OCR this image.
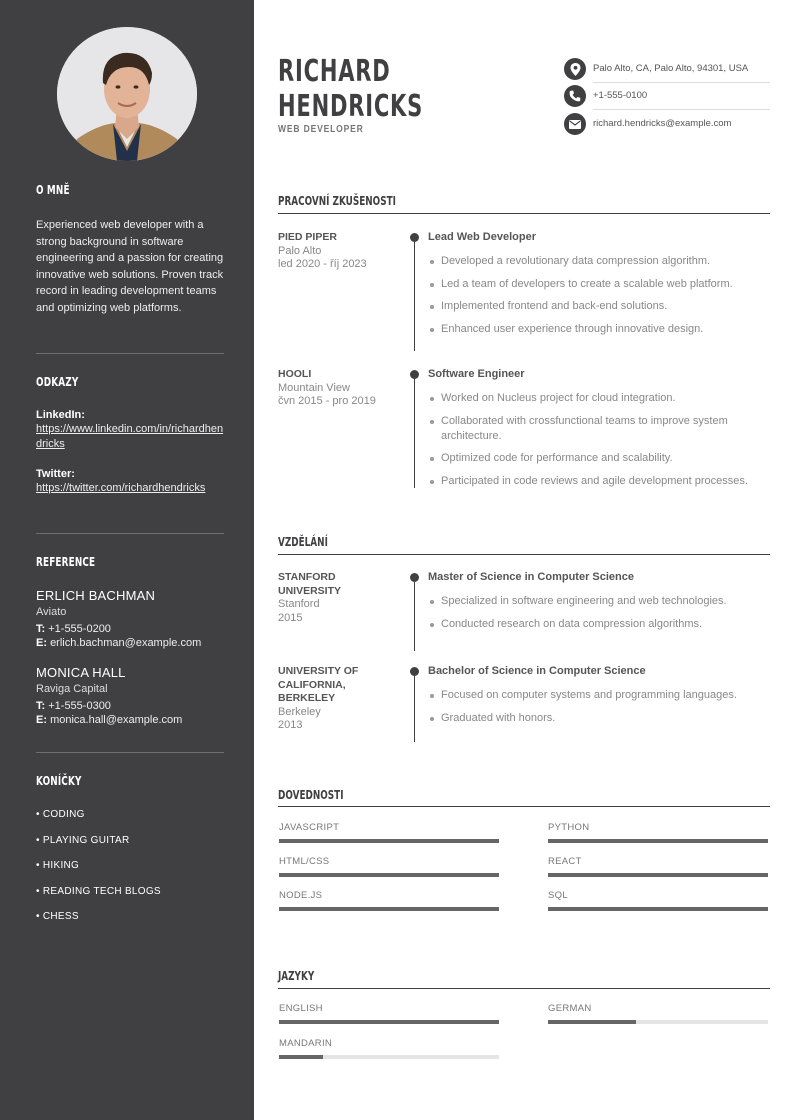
O MNĚ
Experienced web developer with a strong background in software engineering and a passion for creating innovative web solutions. Proven track record in leading development teams and optimizing web platforms.
ODKAZY
LinkedIn:
https://www.linkedin.com/in/richardhendricks
Twitter:
https://twitter.com/richardhendricks
REFERENCE
ERLICH BACHMAN
Aviato
T: +1-555-0200
E: erlich.bachman@example.com
MONICA HALL
Raviga Capital
T: +1-555-0300
E: monica.hall@example.com
KONÍČKY
• CODING
• PLAYING GUITAR
• HIKING
• READING TECH BLOGS
• CHESS
RICHARD
HENDRICKS
WEB DEVELOPER
Palo Alto, CA, Palo Alto, 94301, USA
+1-555-0100
richard.hendricks@example.com
PRACOVNÍ ZKUŠENOSTI
PIED PIPER
Palo Alto
led 2020 - říj 2023
Lead Web Developer
Developed a revolutionary data compression algorithm.
Led a team of developers to create a scalable web platform.
Implemented frontend and back-end solutions.
Enhanced user experience through innovative design.
HOOLI
Mountain View
čvn 2015 - pro 2019
Software Engineer
Worked on Nucleus project for cloud integration.
Collaborated with crossfunctional teams to improve system architecture.
Optimized code for performance and scalability.
Participated in code reviews and agile development processes.
VZDĚLÁNÍ
STANFORD UNIVERSITY
Stanford
2015
Master of Science in Computer Science
Specialized in software engineering and web technologies.
Conducted research on data compression algorithms.
UNIVERSITY OF CALIFORNIA, BERKELEY
Berkeley
2013
Bachelor of Science in Computer Science
Focused on computer systems and programming languages.
Graduated with honors.
DOVEDNOSTI
JAVASCRIPT	PYTHON
HTML/CSS	REACT
NODE.JS	SQL
JAZYKY
ENGLISH	GERMAN
MANDARIN
